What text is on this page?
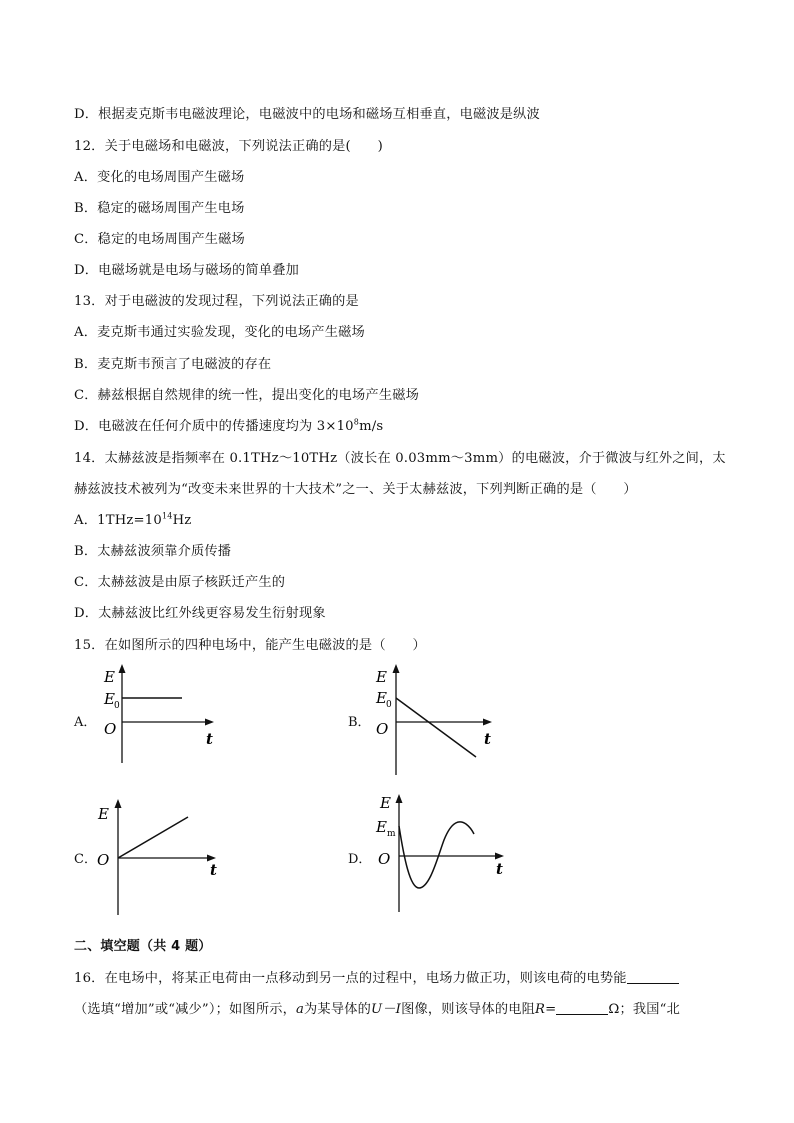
D．根据麦克斯韦电磁波理论，电磁波中的电场和磁场互相垂直，电磁波是纵波
12．关于电磁场和电磁波，下列说法正确的是(　　)
A．变化的电场周围产生磁场
B．稳定的磁场周围产生电场
C．稳定的电场周围产生磁场
D．电磁场就是电场与磁场的简单叠加
13．对于电磁波的发现过程，下列说法正确的是
A．麦克斯韦通过实验发现，变化的电场产生磁场
B．麦克斯韦预言了电磁波的存在
C．赫兹根据自然规律的统一性，提出变化的电场产生磁场
D．电磁波在任何介质中的传播速度均为 $3\times 10^8m/s$
14．太赫兹波是指频率在 0.1THz～10THz（波长在 0.03mm～3mm）的电磁波，介于微波与红外之间，太
赫兹波技术被列为“改变未来世界的十大技术”之一、关于太赫兹波，下列判断正确的是（　　）
A．$1THz=10^{14}Hz$
B．太赫兹波须靠介质传播
C．太赫兹波是由原子核跃迁产生的
D．太赫兹波比红外线更容易发生衍射现象
15．在如图所示的四种电场中，能产生电磁波的是（　　）
A．
E
E 0
O
t
B．
E
E 0
O
t
C．
E
O
t
D．
E
E m
O
t
二、填空题（共 4 题）
16．在电场中，将某正电荷由一点移动到另一点的过程中，电场力做正功，则该电荷的电势能
（选填“增加”或“减少”）；如图所示，a为某导体的U－I图像，则该导体的电阻R=	Ω；我国“北
